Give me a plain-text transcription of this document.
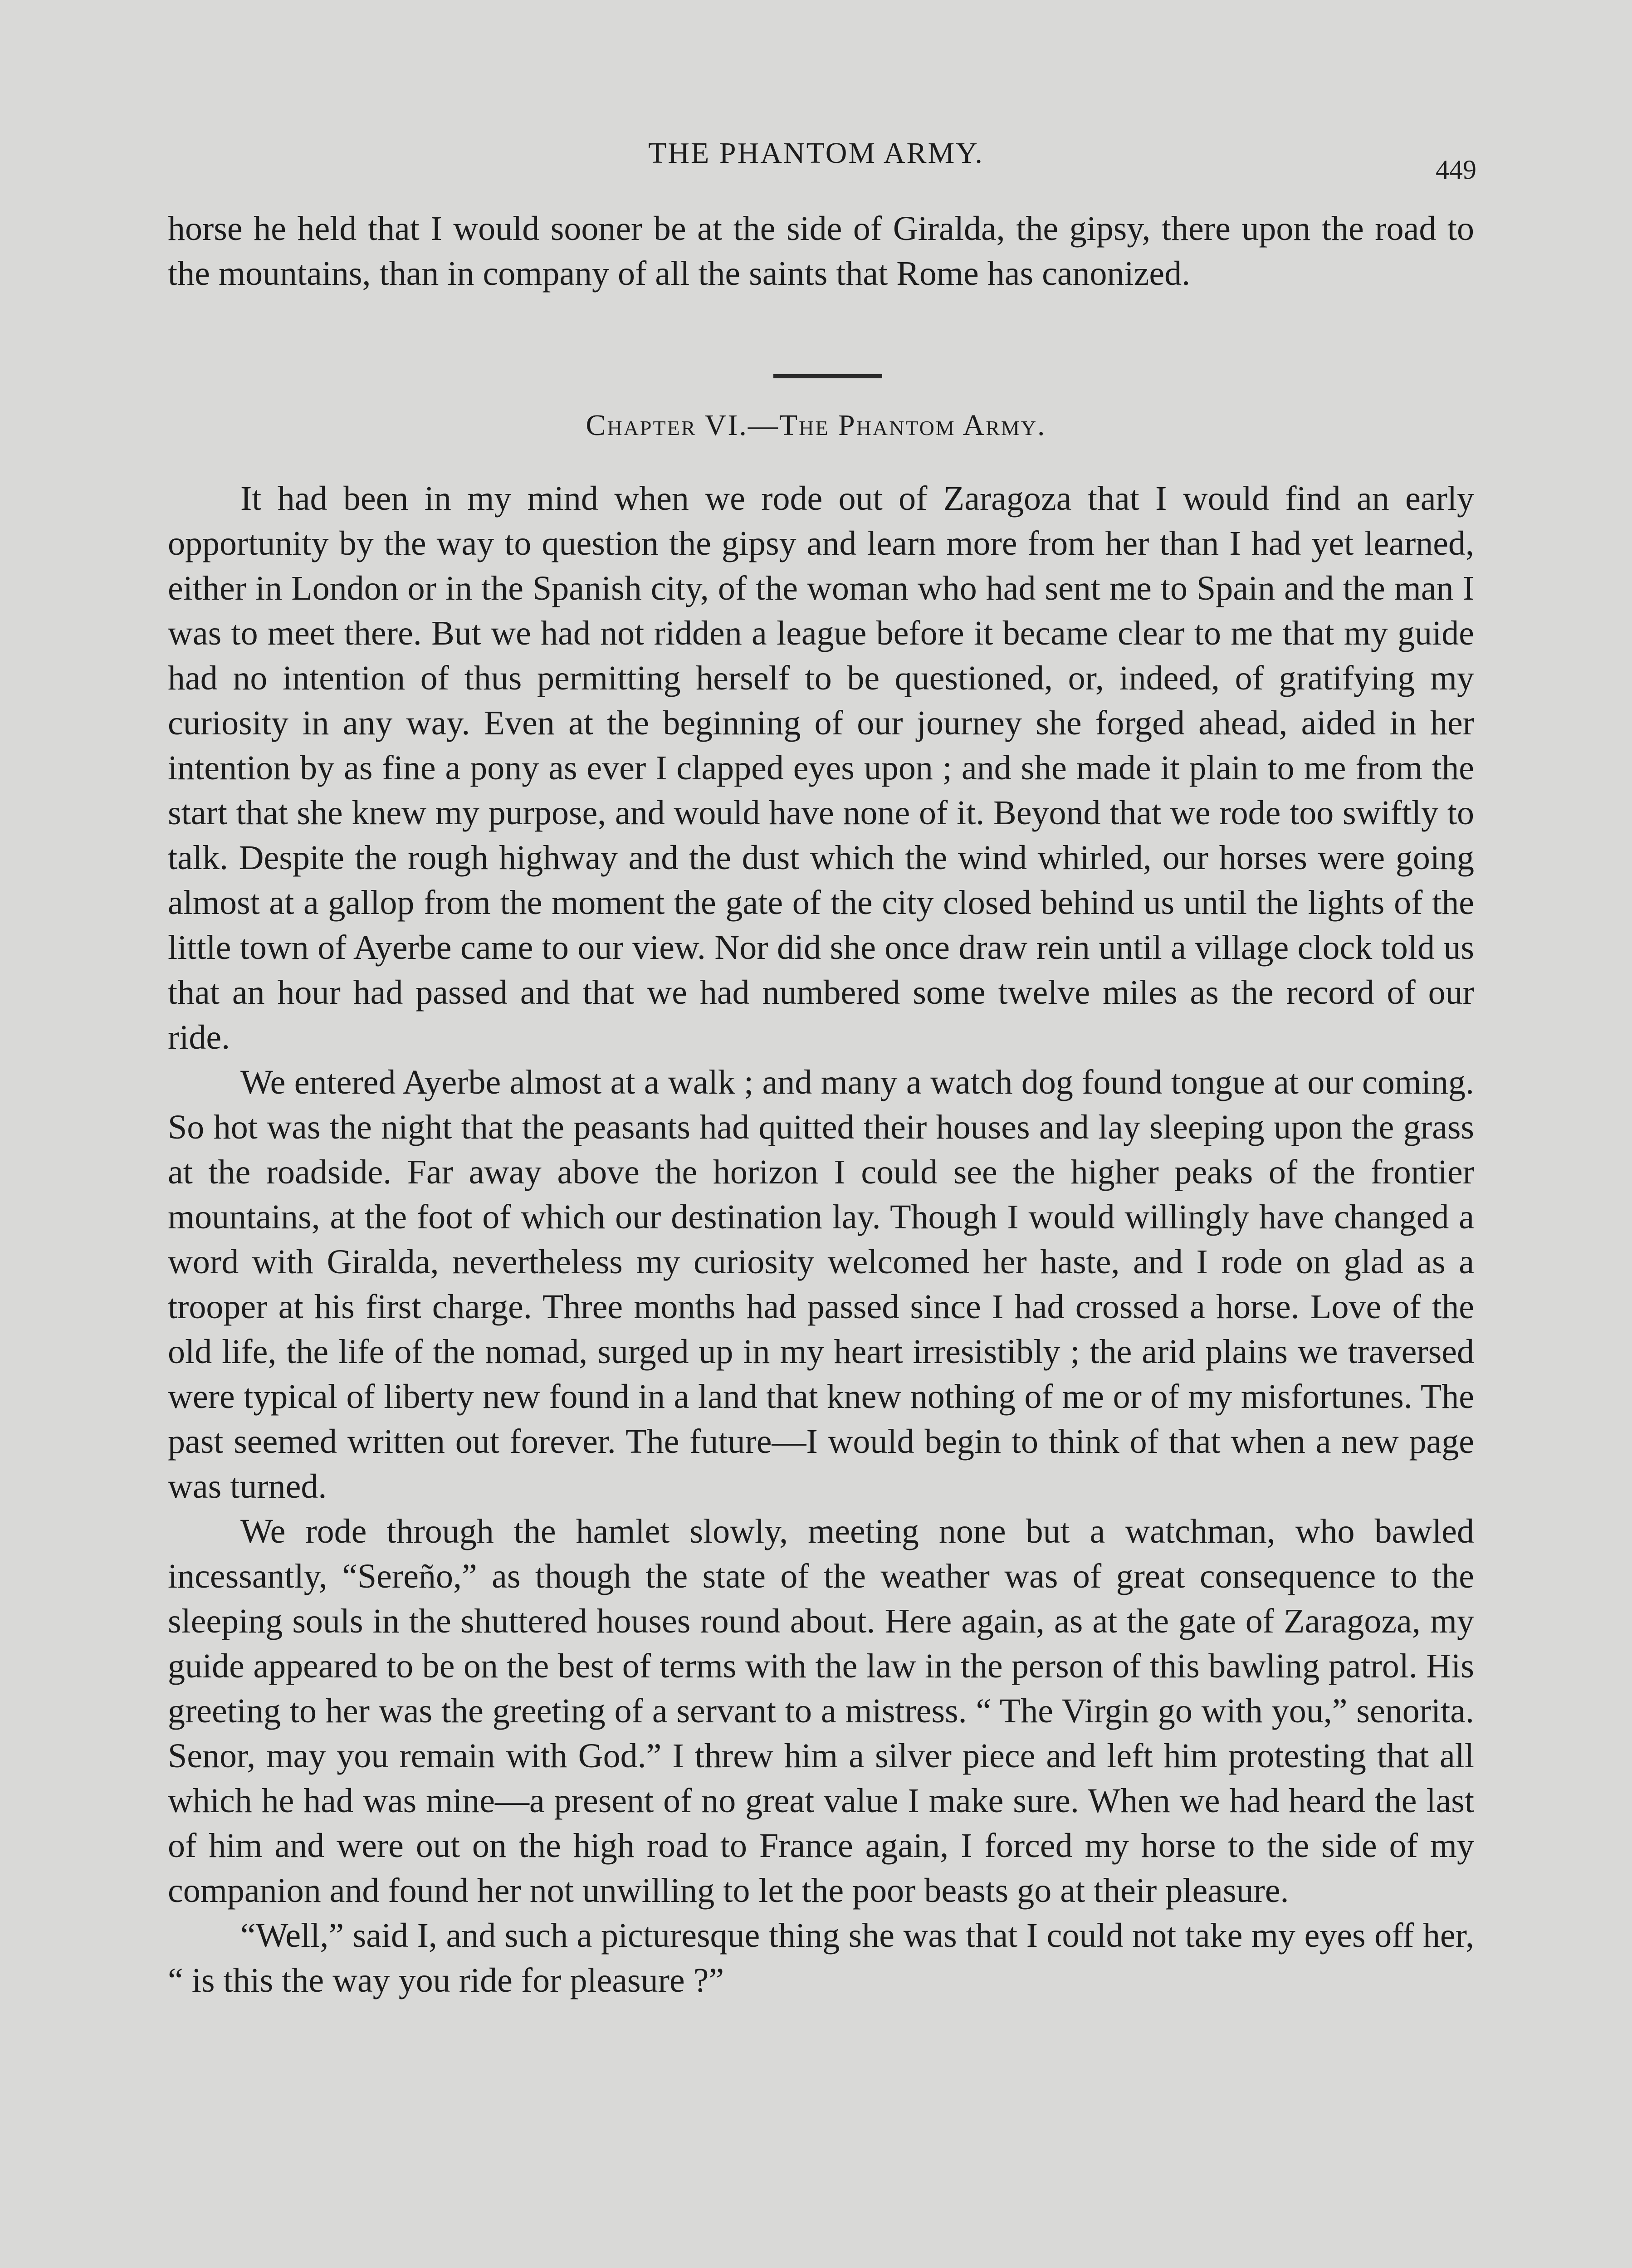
THE PHANTOM ARMY.	449

horse he held that I would sooner be at the side of Giralda, the gipsy, there upon the road to the mountains, than in company of all the saints that Rome has canonized.

Chapter VI.—The Phantom Army.

It had been in my mind when we rode out of Zaragoza that I would find an early opportunity by the way to question the gipsy and learn more from her than I had yet learned, either in London or in the Spanish city, of the woman who had sent me to Spain and the man I was to meet there. But we had not ridden a league before it became clear to me that my guide had no intention of thus permitting herself to be questioned, or, indeed, of gratifying my curiosity in any way. Even at the beginning of our journey she forged ahead, aided in her intention by as fine a pony as ever I clapped eyes upon ; and she made it plain to me from the start that she knew my purpose, and would have none of it. Beyond that we rode too swiftly to talk. Despite the rough highway and the dust which the wind whirled, our horses were going almost at a gallop from the moment the gate of the city closed behind us until the lights of the little town of Ayerbe came to our view. Nor did she once draw rein until a village clock told us that an hour had passed and that we had numbered some twelve miles as the record of our ride.

We entered Ayerbe almost at a walk ; and many a watch dog found tongue at our coming. So hot was the night that the peasants had quitted their houses and lay sleeping upon the grass at the roadside. Far away above the horizon I could see the higher peaks of the frontier mountains, at the foot of which our destination lay. Though I would willingly have changed a word with Giralda, nevertheless my curiosity welcomed her haste, and I rode on glad as a trooper at his first charge. Three months had passed since I had crossed a horse. Love of the old life, the life of the nomad, surged up in my heart irresistibly ; the arid plains we traversed were typical of liberty new found in a land that knew nothing of me or of my misfortunes. The past seemed written out forever. The future—I would begin to think of that when a new page was turned.

We rode through the hamlet slowly, meeting none but a watchman, who bawled incessantly, “Sereño,” as though the state of the weather was of great consequence to the sleeping souls in the shuttered houses round about. Here again, as at the gate of Zaragoza, my guide appeared to be on the best of terms with the law in the person of this bawling patrol. His greeting to her was the greeting of a servant to a mistress. “ The Virgin go with you,” senorita. Senor, may you remain with God.” I threw him a silver piece and left him protesting that all which he had was mine—a present of no great value I make sure. When we had heard the last of him and were out on the high road to France again, I forced my horse to the side of my companion and found her not unwilling to let the poor beasts go at their pleasure.

“Well,” said I, and such a picturesque thing she was that I could not take my eyes off her, “ is this the way you ride for pleasure ?”
